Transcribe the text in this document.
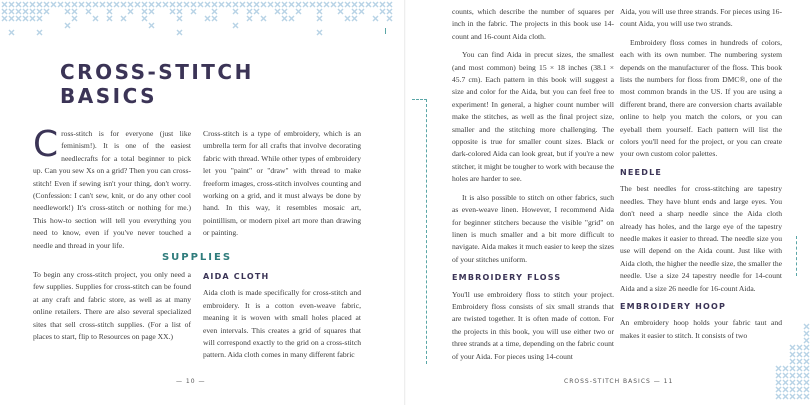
CROSS-STITCH BASICS

Cross-stitch is for everyone (just like feminism!). It is one of the easiest needlecrafts for a total beginner to pick up. Can you sew Xs on a grid? Then you can cross-stitch! Even if sewing isn't your thing, don't worry. (Confession: I can't sew, knit, or do any other cool needlework!) It's cross-stitch or nothing for me.) This how-to section will tell you everything you need to know, even if you've never touched a needle and thread in your life.

Cross-stitch is a type of embroidery, which is an umbrella term for all crafts that involve decorating fabric with thread. While other types of embroidery let you "paint" or "draw" with thread to make freeform images, cross-stitch involves counting and working on a grid, and it must always be done by hand. In this way, it resembles mosaic art, pointillism, or modern pixel art more than drawing or painting.

SUPPLIES

To begin any cross-stitch project, you only need a few supplies. Supplies for cross-stitch can be found at any craft and fabric store, as well as at many online retailers. There are also several specialized sites that sell cross-stitch supplies. (For a list of places to start, flip to Resources on page XX.)

AIDA CLOTH

Aida cloth is made specifically for cross-stitch and embroidery. It is a cotton even-weave fabric, meaning it is woven with small holes placed at even intervals. This creates a grid of squares that will correspond exactly to the grid on a cross-stitch pattern. Aida cloth comes in many different fabric

— 10 —

counts, which describe the number of squares per inch in the fabric. The projects in this book use 14-count and 16-count Aida cloth.

You can find Aida in precut sizes, the smallest (and most common) being 15 × 18 inches (38.1 × 45.7 cm). Each pattern in this book will suggest a size and color for the Aida, but you can feel free to experiment! In general, a higher count number will make the stitches, as well as the final project size, smaller and the stitching more challenging. The opposite is true for smaller count sizes. Black or dark-colored Aida can look great, but if you're a new stitcher, it might be tougher to work with because the holes are harder to see.

It is also possible to stitch on other fabrics, such as even-weave linen. However, I recommend Aida for beginner stitchers because the visible "grid" on linen is much smaller and a bit more difficult to navigate. Aida makes it much easier to keep the sizes of your stitches uniform.

EMBROIDERY FLOSS

You'll use embroidery floss to stitch your project. Embroidery floss consists of six small strands that are twisted together. It is often made of cotton. For the projects in this book, you will use either two or three strands at a time, depending on the fabric count of your Aida. For pieces using 14-count

Aida, you will use three strands. For pieces using 16-count Aida, you will use two strands.

Embroidery floss comes in hundreds of colors, each with its own number. The numbering system depends on the manufacturer of the floss. This book lists the numbers for floss from DMC®, one of the most common brands in the US. If you are using a different brand, there are conversion charts available online to help you match the colors, or you can eyeball them yourself. Each pattern will list the colors you'll need for the project, or you can create your own custom color palettes.

NEEDLE

The best needles for cross-stitching are tapestry needles. They have blunt ends and large eyes. You don't need a sharp needle since the Aida cloth already has holes, and the large eye of the tapestry needle makes it easier to thread. The needle size you use will depend on the Aida count. Just like with Aida cloth, the higher the needle size, the smaller the needle. Use a size 24 tapestry needle for 14-count Aida and a size 26 needle for 16-count Aida.

EMBROIDERY HOOP

An embroidery hoop holds your fabric taut and makes it easier to stitch. It consists of two

CROSS-STITCH BASICS — 11
